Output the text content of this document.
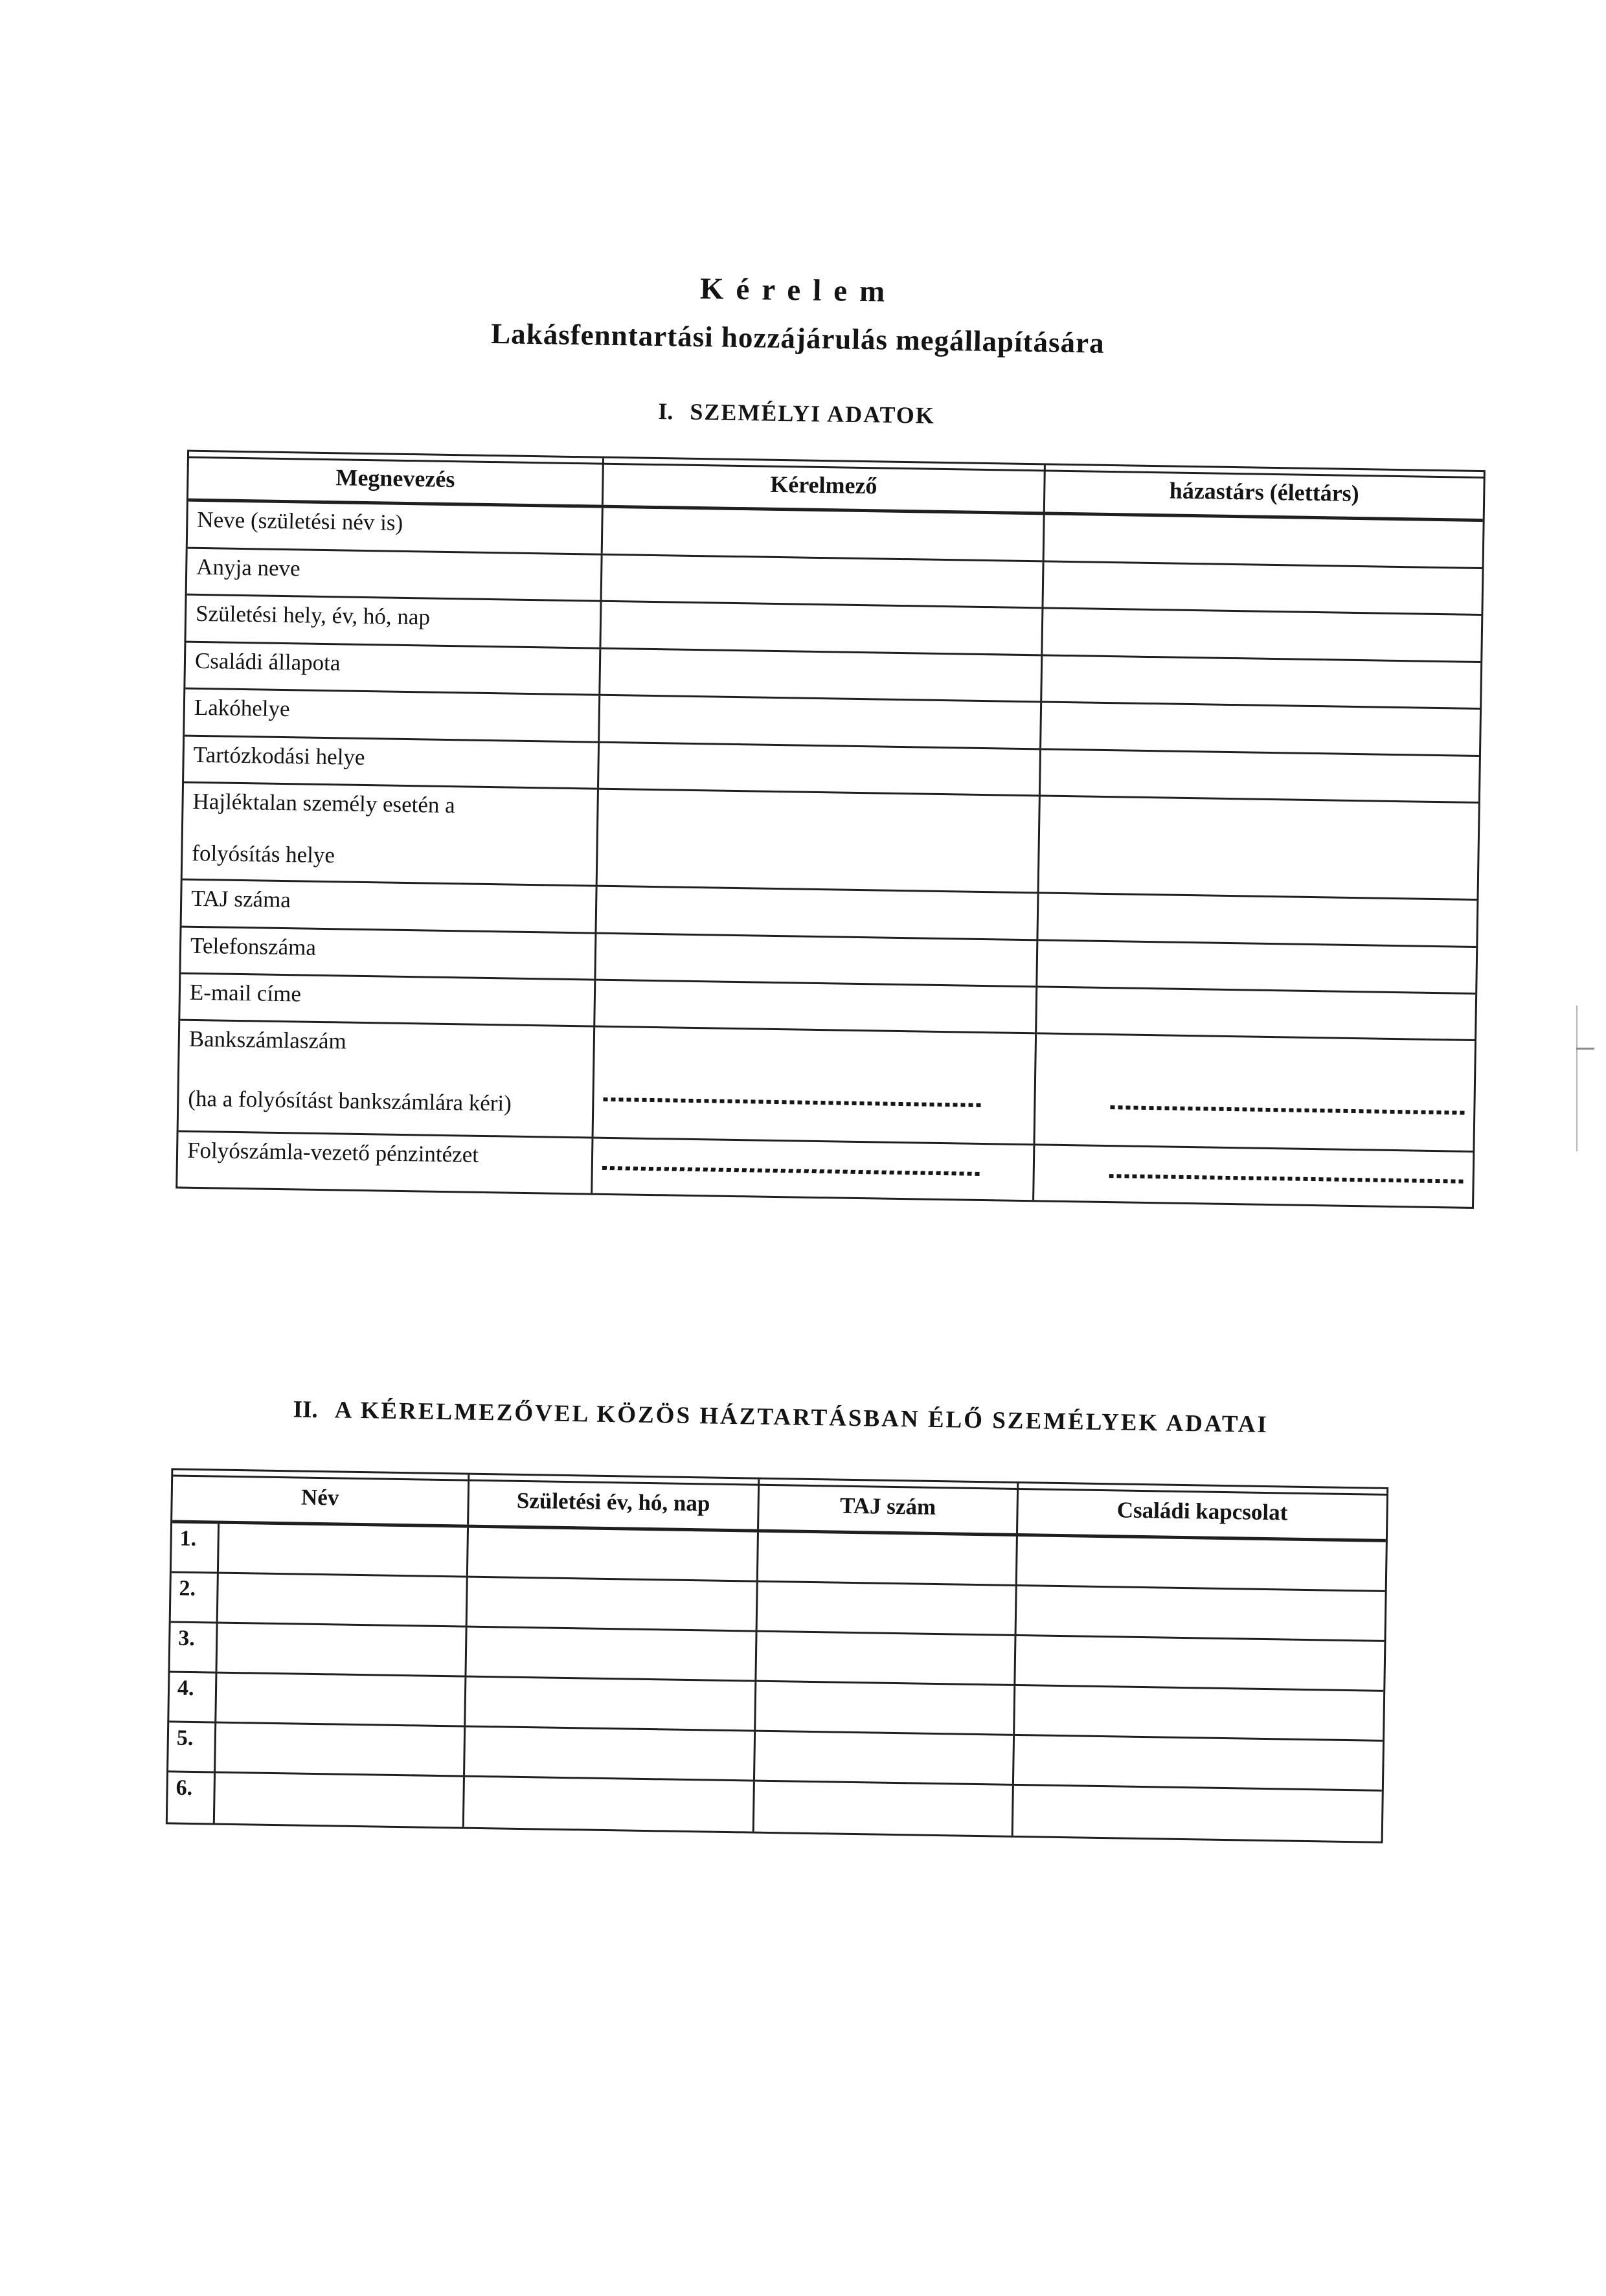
Kérelem
Lakásfenntartási hozzájárulás megállapítására
I. SZEMÉLYI ADATOK
Megnevezés	Kérelmező	házastárs (élettárs)
Neve (születési név is)
Anyja neve
Születési hely, év, hó, nap
Családi állapota
Lakóhelye
Tartózkodási helye
Hajléktalan személy esetén a
folyósítás helye
TAJ száma
Telefonszáma
E-mail címe
Bankszámlaszám
(ha a folyósítást bankszámlára kéri)
Folyószámla-vezető pénzintézet
II. A KÉRELMEZŐVEL KÖZÖS HÁZTARTÁSBAN ÉLŐ SZEMÉLYEK ADATAI
Név	Születési év, hó, nap	TAJ szám	Családi kapcsolat
1.
2.
3.
4.
5.
6.
